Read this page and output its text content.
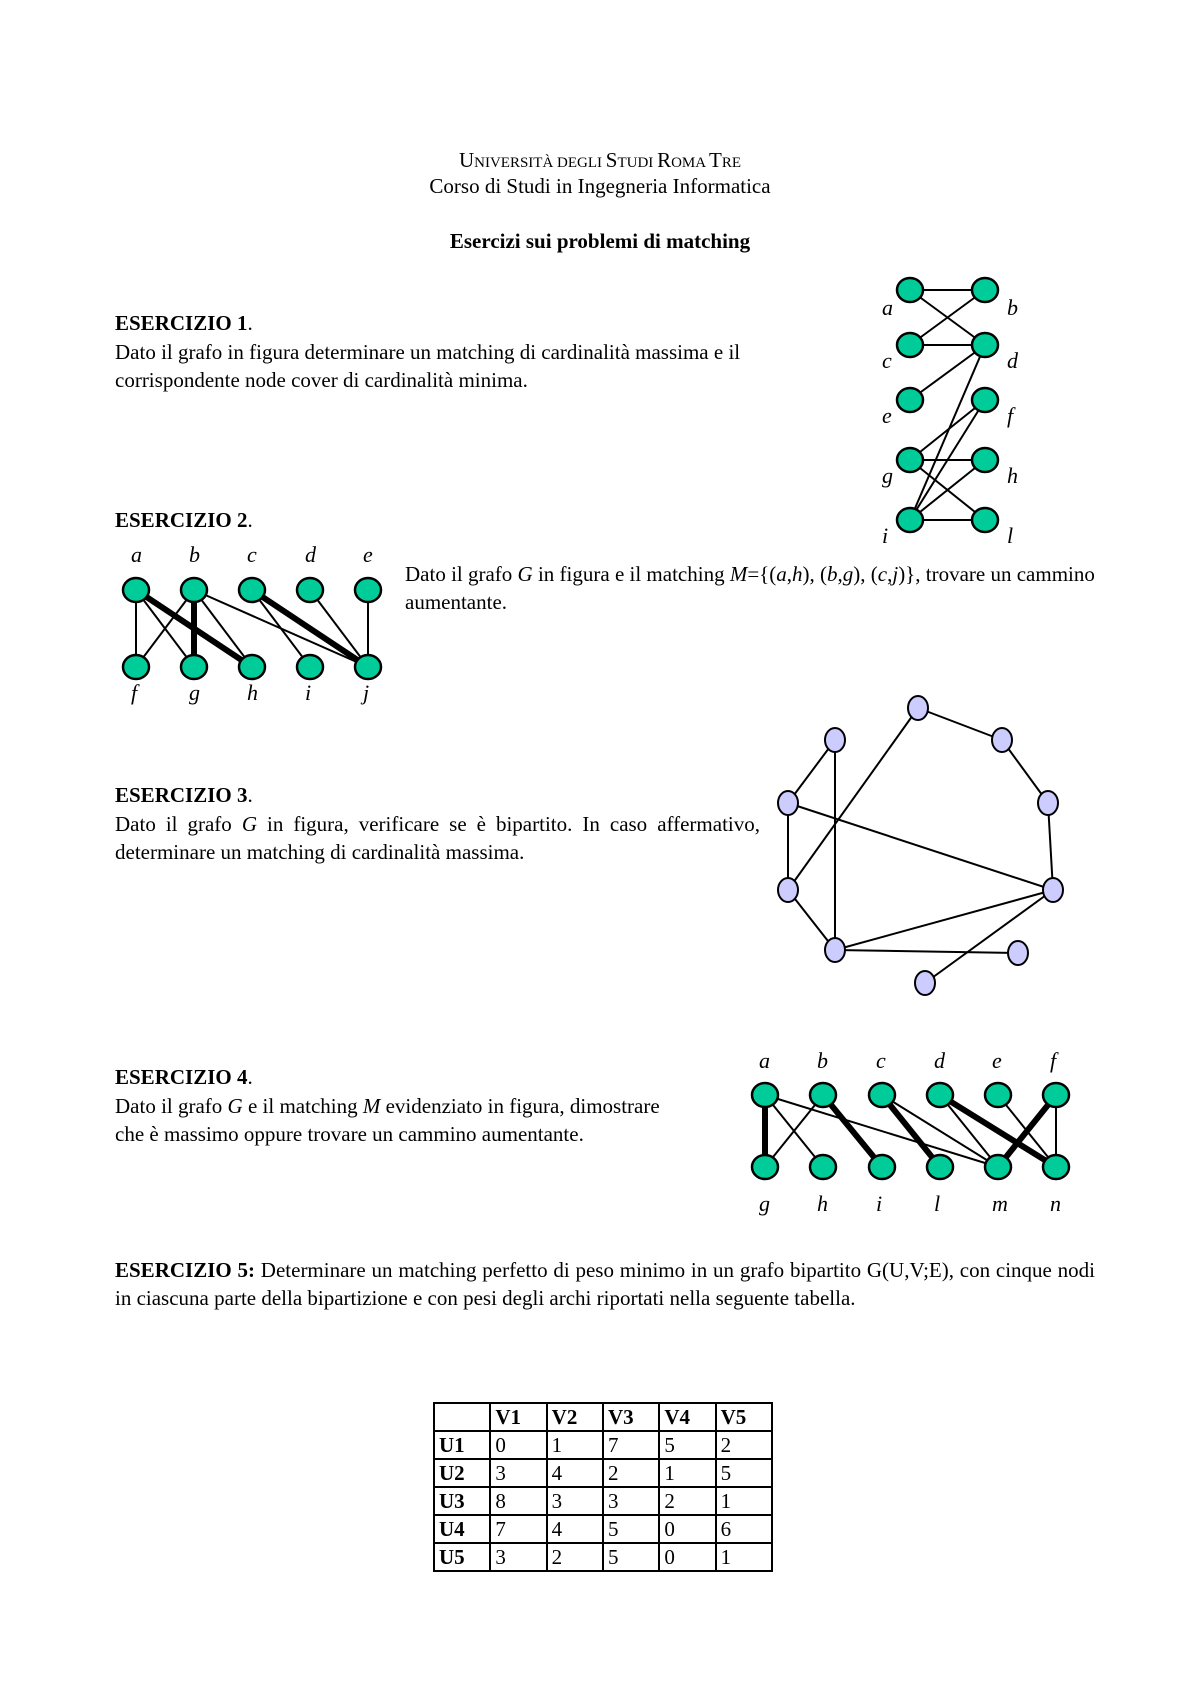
UNIVERSITÀ DEGLI STUDI ROMA TRE
Corso di Studi in Ingegneria Informatica
Esercizi sui problemi di matching
ESERCIZIO 1.
Dato il grafo in figura determinare un matching di cardinalità massima e il corrispondente node cover di cardinalità minima.
a	b
c	d
e	f
g	h
i	l
ESERCIZIO 2.
a b c d e
f g h i j
Dato il grafo G in figura e il matching M={(a,h), (b,g), (c,j)}, trovare un cammino aumentante.
ESERCIZIO 3.
Dato il grafo G in figura, verificare se è bipartito. In caso affermativo, determinare un matching di cardinalità massima.
ESERCIZIO 4.
Dato il grafo G e il matching M evidenziato in figura, dimostrare che è massimo oppure trovare un cammino aumentante.
a b c d e f
g h i l m n
ESERCIZIO 5: Determinare un matching perfetto di peso minimo in un grafo bipartito G(U,V;E), con cinque nodi in ciascuna parte della bipartizione e con pesi degli archi riportati nella seguente tabella.
	V1	V2	V3	V4	V5
U1	0	1	7	5	2
U2	3	4	2	1	5
U3	8	3	3	2	1
U4	7	4	5	0	6
U5	3	2	5	0	1
